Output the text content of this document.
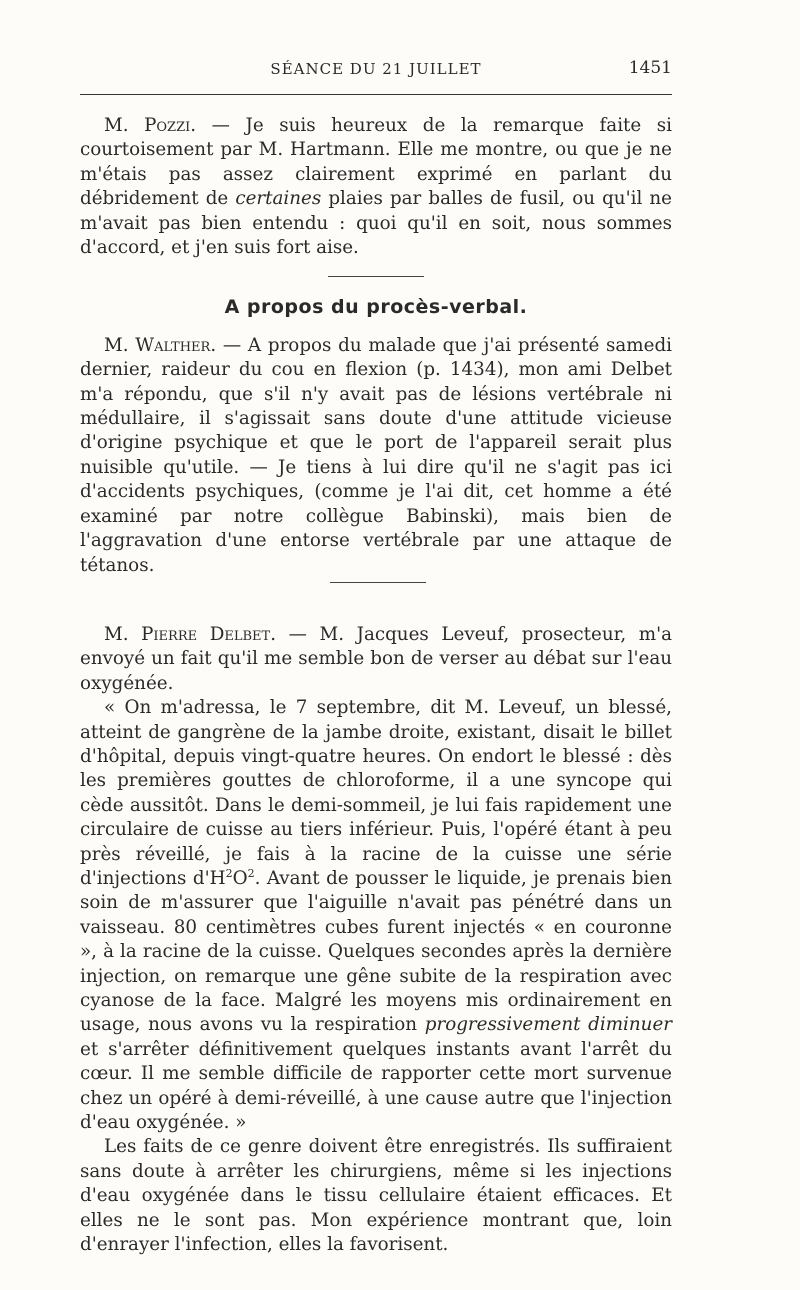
SÉANCE DU 21 JUILLET	1451

M. Pozzi. — Je suis heureux de la remarque faite si courtoisement par M. Hartmann. Elle me montre, ou que je ne m'étais pas assez clairement exprimé en parlant du débridement de certaines plaies par balles de fusil, ou qu'il ne m'avait pas bien entendu : quoi qu'il en soit, nous sommes d'accord, et j'en suis fort aise.

A propos du procès-verbal.

M. Walther. — A propos du malade que j'ai présenté samedi dernier, raideur du cou en flexion (p. 1434), mon ami Delbet m'a répondu, que s'il n'y avait pas de lésions vertébrale ni médullaire, il s'agissait sans doute d'une attitude vicieuse d'origine psychique et que le port de l'appareil serait plus nuisible qu'utile. — Je tiens à lui dire qu'il ne s'agit pas ici d'accidents psychiques, (comme je l'ai dit, cet homme a été examiné par notre collègue Babinski), mais bien de l'aggravation d'une entorse vertébrale par une attaque de tétanos.

M. Pierre Delbet. — M. Jacques Leveuf, prosecteur, m'a envoyé un fait qu'il me semble bon de verser au débat sur l'eau oxygénée.

« On m'adressa, le 7 septembre, dit M. Leveuf, un blessé, atteint de gangrène de la jambe droite, existant, disait le billet d'hôpital, depuis vingt-quatre heures. On endort le blessé : dès les premières gouttes de chloroforme, il a une syncope qui cède aussitôt. Dans le demi-sommeil, je lui fais rapidement une circulaire de cuisse au tiers inférieur. Puis, l'opéré étant à peu près réveillé, je fais à la racine de la cuisse une série d'injections $d'H^2O^2$. Avant de pousser le liquide, je prenais bien soin de m'assurer que l'aiguille n'avait pas pénétré dans un vaisseau. 80 centimètres cubes furent injectés « en couronne », à la racine de la cuisse. Quelques secondes après la dernière injection, on remarque une gêne subite de la respiration avec cyanose de la face. Malgré les moyens mis ordinairement en usage, nous avons vu la respiration progressivement diminuer et s'arrêter définitivement quelques instants avant l'arrêt du cœur. Il me semble difficile de rapporter cette mort survenue chez un opéré à demi-réveillé, à une cause autre que l'injection d'eau oxygénée. »

Les faits de ce genre doivent être enregistrés. Ils suffiraient sans doute à arrêter les chirurgiens, même si les injections d'eau oxygénée dans le tissu cellulaire étaient efficaces. Et elles ne le sont pas. Mon expérience montrant que, loin d'enrayer l'infection, elles la favorisent.
